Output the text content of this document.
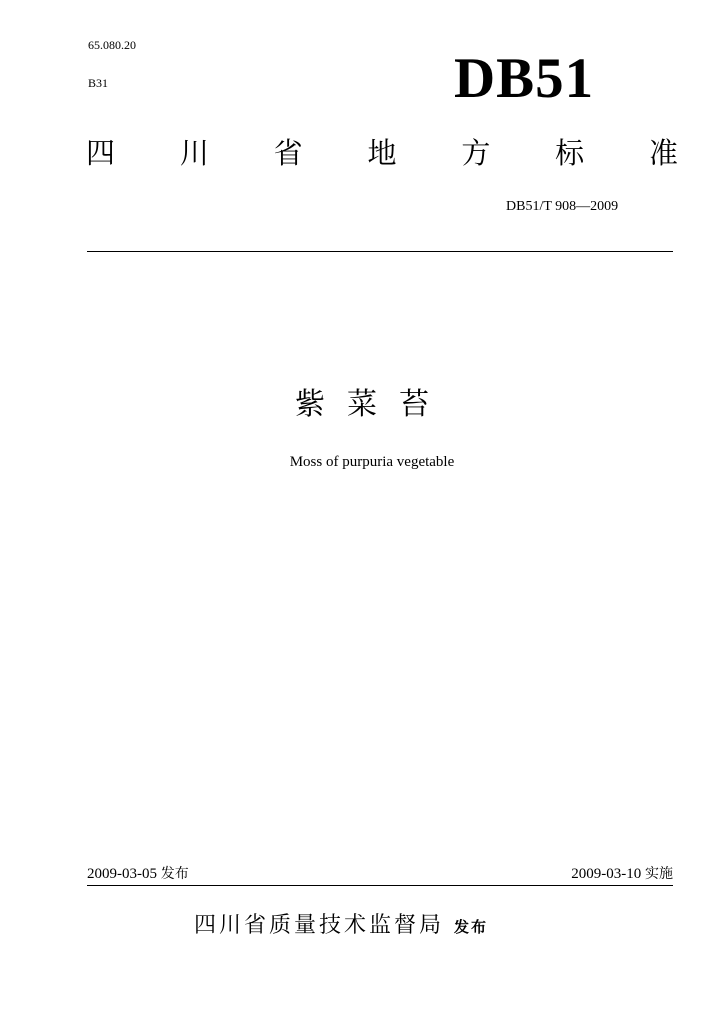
65.080.20
B31	DB51
四 川 省 地 方 标 准
DB51/T 908—2009
紫菜苔
Moss of purpuria vegetable
2009-03-05 发布	2009-03-10 实施
四川省质量技术监督局 发布
